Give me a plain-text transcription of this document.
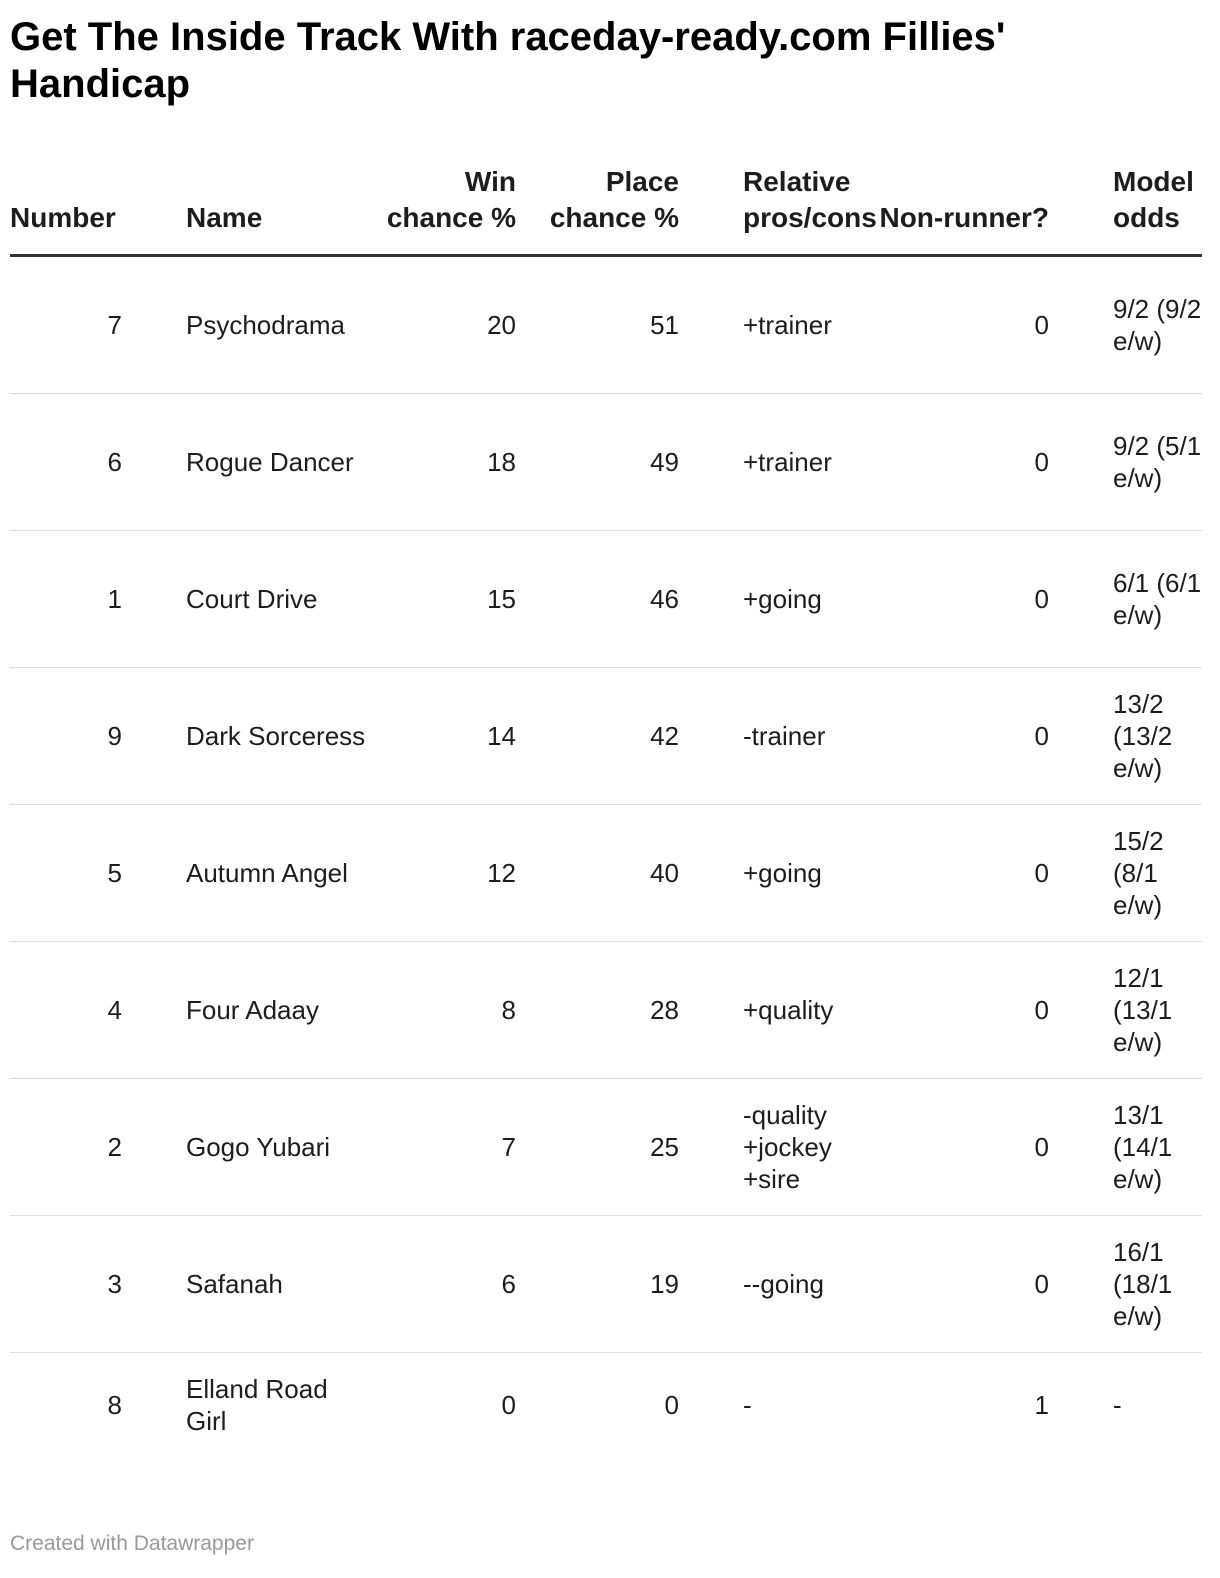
Get The Inside Track With raceday-ready.com Fillies' Handicap
Number	Name	Win chance %	Place chance %	Relative pros/cons	Non-runner?	Model odds

7	Psychodrama	20	51	+trainer	0	9/2 (9/2 e/w)

6	Rogue Dancer	18	49	+trainer	0	9/2 (5/1 e/w)

1	Court Drive	15	46	+going	0	6/1 (6/1 e/w)

9	Dark Sorceress	14	42	-trainer	0	13/2 (13/2 e/w)

5	Autumn Angel	12	40	+going	0	15/2 (8/1 e/w)

4	Four Adaay	8	28	+quality	0	12/1 (13/1 e/w)

2	Gogo Yubari	7	25	-quality +jockey +sire	0	13/1 (14/1 e/w)

3	Safanah	6	19	--going	0	16/1 (18/1 e/w)

8	Elland Road Girl	0	0	-	1	-
Created with Datawrapper
